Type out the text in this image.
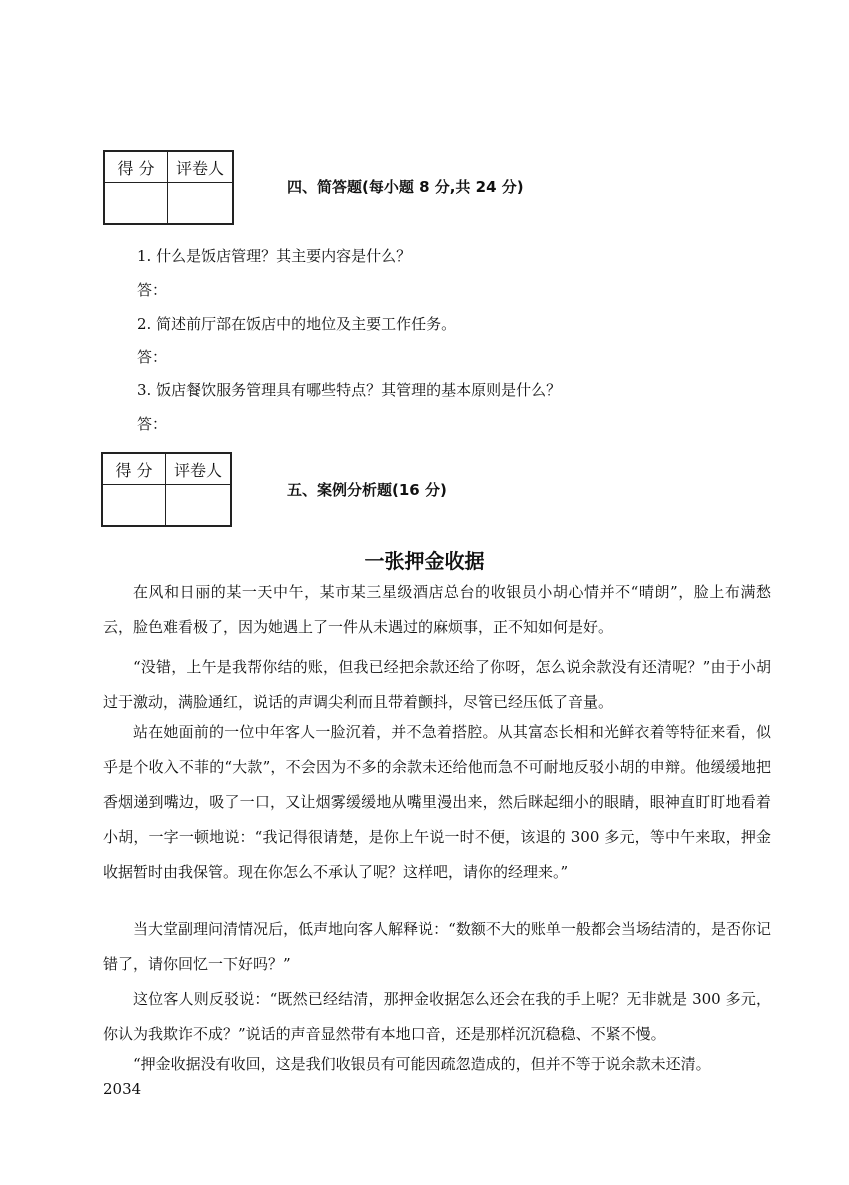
得 分	评卷人

四、简答题(每小题 8 分,共 24 分)
1. 什么是饭店管理？其主要内容是什么？
答：
2. 简述前厅部在饭店中的地位及主要工作任务。
答：
3. 饭店餐饮服务管理具有哪些特点？其管理的基本原则是什么？
答：
得 分	评卷人

五、案例分析题(16 分)
一张押金收据
在风和日丽的某一天中午，某市某三星级酒店总台的收银员小胡心情并不“晴朗”，脸上布满愁云，脸色难看极了，因为她遇上了一件从未遇过的麻烦事，正不知如何是好。
“没错，上午是我帮你结的账，但我已经把余款还给了你呀，怎么说余款没有还清呢？”由于小胡过于激动，满脸通红，说话的声调尖利而且带着颤抖，尽管已经压低了音量。
站在她面前的一位中年客人一脸沉着，并不急着搭腔。从其富态长相和光鲜衣着等特征来看，似乎是个收入不菲的“大款”，不会因为不多的余款未还给他而急不可耐地反驳小胡的申辩。他缓缓地把香烟递到嘴边，吸了一口，又让烟雾缓缓地从嘴里漫出来，然后眯起细小的眼睛，眼神直盯盯地看着小胡，一字一顿地说：“我记得很请楚，是你上午说一时不便，该退的 300 多元，等中午来取，押金收据暂时由我保管。现在你怎么不承认了呢？这样吧，请你的经理来。”
当大堂副理问清情况后，低声地向客人解释说：“数额不大的账单一般都会当场结清的，是否你记错了，请你回忆一下好吗？”
这位客人则反驳说：“既然已经结清，那押金收据怎么还会在我的手上呢？无非就是 300 多元，你认为我欺诈不成？”说话的声音显然带有本地口音，还是那样沉沉稳稳、不紧不慢。
“押金收据没有收回，这是我们收银员有可能因疏忽造成的，但并不等于说余款未还清。
2034
